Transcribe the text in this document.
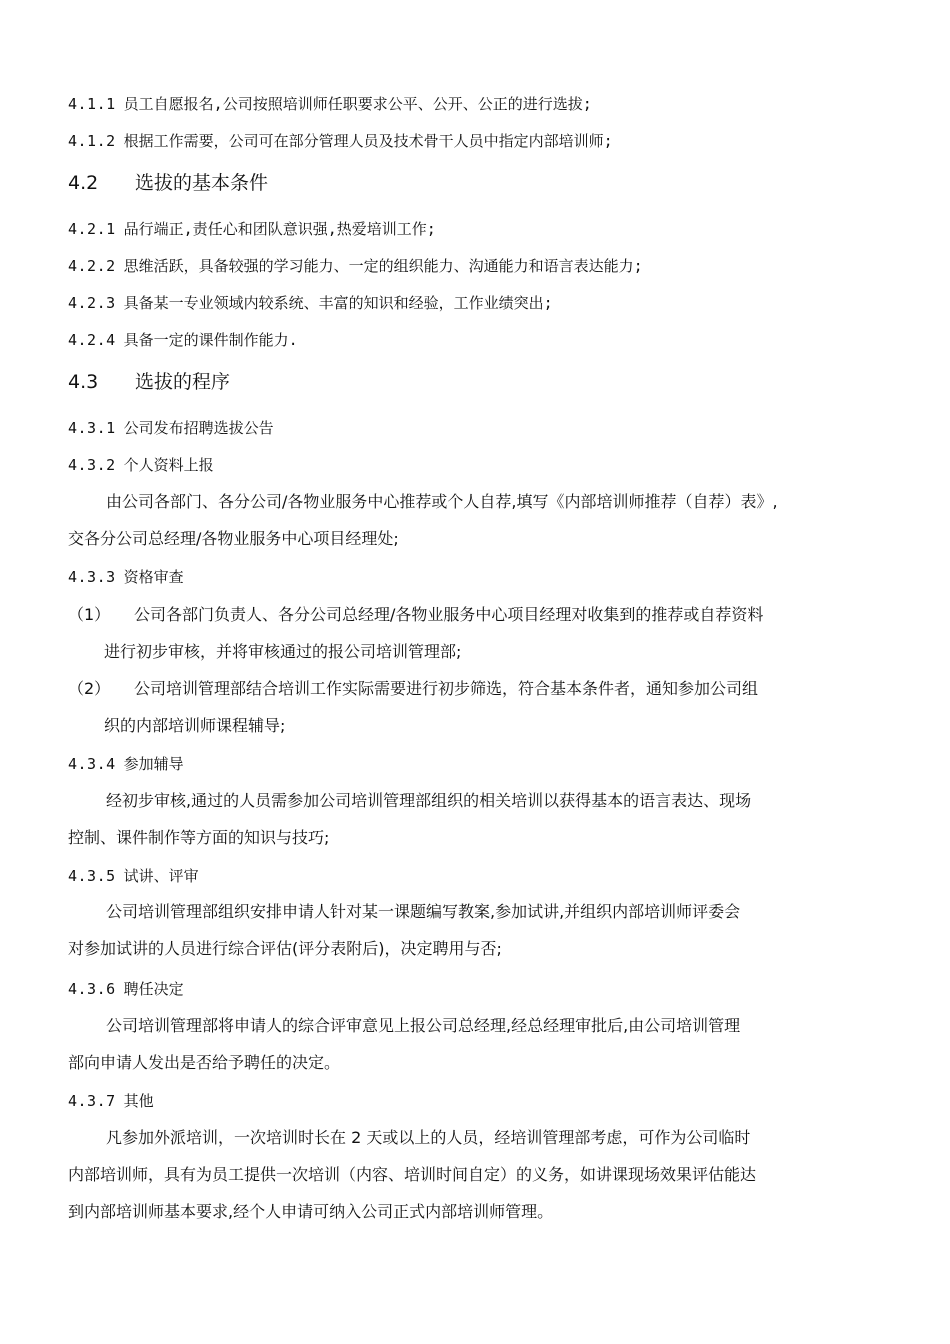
4.1.1 员工自愿报名,公司按照培训师任职要求公平、公开、公正的进行选拔;
4.1.2 根据工作需要，公司可在部分管理人员及技术骨干人员中指定内部培训师;
4.2 选拔的基本条件
4.2.1 品行端正,责任心和团队意识强,热爱培训工作;
4.2.2 思维活跃，具备较强的学习能力、一定的组织能力、沟通能力和语言表达能力;
4.2.3 具备某一专业领域内较系统、丰富的知识和经验，工作业绩突出;
4.2.4 具备一定的课件制作能力.
4.3 选拔的程序
4.3.1 公司发布招聘选拔公告
4.3.2 个人资料上报
由公司各部门、各分公司/各物业服务中心推荐或个人自荐,填写《内部培训师推荐（自荐）表》,
交各分公司总经理/各物业服务中心项目经理处;
4.3.3 资格审查
（1） 公司各部门负责人、各分公司总经理/各物业服务中心项目经理对收集到的推荐或自荐资料
进行初步审核，并将审核通过的报公司培训管理部;
（2） 公司培训管理部结合培训工作实际需要进行初步筛选，符合基本条件者，通知参加公司组
织的内部培训师课程辅导;
4.3.4 参加辅导
经初步审核,通过的人员需参加公司培训管理部组织的相关培训以获得基本的语言表达、现场
控制、课件制作等方面的知识与技巧;
4.3.5 试讲、评审
公司培训管理部组织安排申请人针对某一课题编写教案,参加试讲,并组织内部培训师评委会
对参加试讲的人员进行综合评估(评分表附后)，决定聘用与否;
4.3.6 聘任决定
公司培训管理部将申请人的综合评审意见上报公司总经理,经总经理审批后,由公司培训管理
部向申请人发出是否给予聘任的决定。
4.3.7 其他
凡参加外派培训，一次培训时长在 2 天或以上的人员，经培训管理部考虑，可作为公司临时
内部培训师，具有为员工提供一次培训（内容、培训时间自定）的义务，如讲课现场效果评估能达
到内部培训师基本要求,经个人申请可纳入公司正式内部培训师管理。
